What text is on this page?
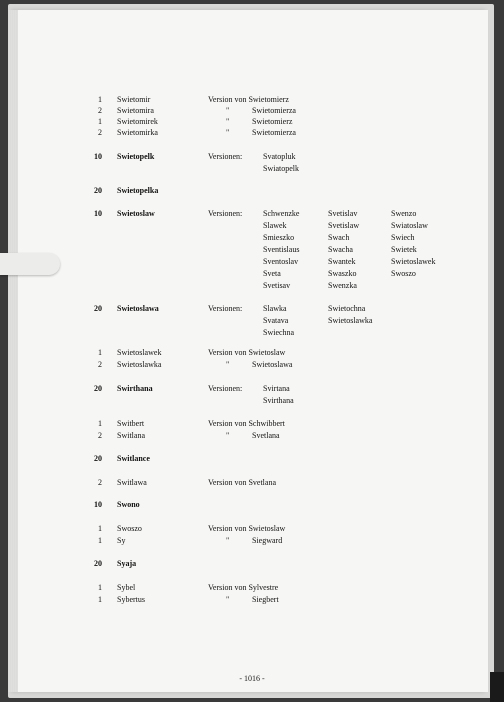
1 Swietomir	Version von Swietomierz
2 Swietomira	"	Swietomierza
1 Swietomirek	"	Swietomierz
2 Swietomirka	"	Swietomierza
10 Swietopelk	Versionen:	Svatopluk
Swiatopelk
20 Swietopelka
10 Swietoslaw	Versionen:	Schwenzke	Svetislav	Swenzo
Slawek	Svetislaw	Swiatoslaw
Smieszko	Swach	Swiech
Sventislaus	Swacha	Swietek
Sventoslav	Swantek	Swietoslawek
Sveta	Swaszko	Swoszo
Svetisav	Swenzka
20 Swietoslawa	Versionen:	Slawka	Swietochna
Svatava	Swietoslawka
Swiechna
1 Swietoslawek	Version von Swietoslaw
2 Swietoslawka	"	Swietoslawa
20 Swirthana	Versionen:	Svirtana
Svirthana
1 Switbert	Version von Schwibbert
2 Switlana	"	Svetlana
20 Switlance
2 Switlawa	Version von Svetlana
10 Swono
1 Swoszo	Version von Swietoslaw
1 Sy	"	Siegward
20 Syaja
1 Sybel	Version von Sylvestre
1 Sybertus	"	Siegbert
- 1016 -
